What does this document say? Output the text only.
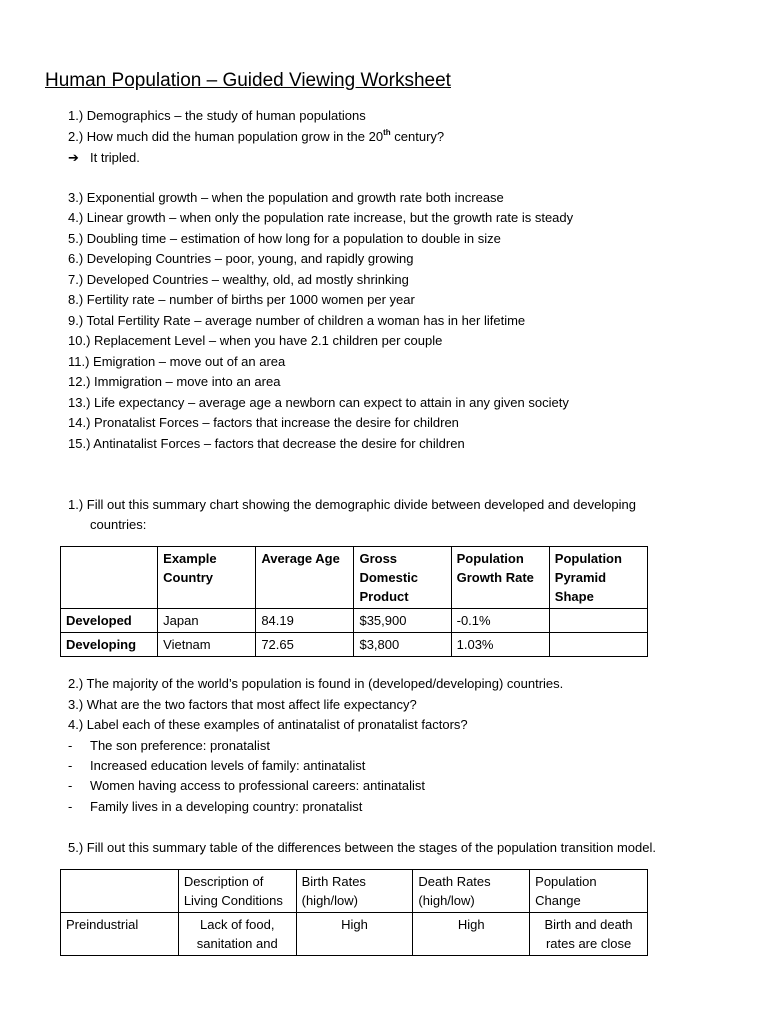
Human Population – Guided Viewing Worksheet
1.) Demographics – the study of human populations
2.) How much did the human population grow in the 20th century?
➔ It tripled.
3.) Exponential growth – when the population and growth rate both increase
4.) Linear growth – when only the population rate increase, but the growth rate is steady
5.) Doubling time – estimation of how long for a population to double in size
6.) Developing Countries – poor, young, and rapidly growing
7.) Developed Countries – wealthy, old, ad mostly shrinking
8.) Fertility rate – number of births per 1000 women per year
9.) Total Fertility Rate – average number of children a woman has in her lifetime
10.) Replacement Level – when you have 2.1 children per couple
11.) Emigration – move out of an area
12.) Immigration – move into an area
13.) Life expectancy – average age a newborn can expect to attain in any given society
14.) Pronatalist Forces – factors that increase the desire for children
15.) Antinatalist Forces – factors that decrease the desire for children
1.) Fill out this summary chart showing the demographic divide between developed and developing
countries:
	Example Country	Average Age	Gross Domestic Product	Population Growth Rate	Population Pyramid Shape
Developed	Japan	84.19	$35,900	-0.1%	
Developing	Vietnam	72.65	$3,800	1.03%	
2.) The majority of the world’s population is found in (developed/developing) countries.
3.) What are the two factors that most affect life expectancy?
4.) Label each of these examples of antinatalist of pronatalist factors?
- The son preference: pronatalist
- Increased education levels of family: antinatalist
- Women having access to professional careers: antinatalist
- Family lives in a developing country: pronatalist
5.) Fill out this summary table of the differences between the stages of the population transition model.
	Description of Living Conditions	Birth Rates (high/low)	Death Rates (high/low)	Population Change
Preindustrial	Lack of food, sanitation and	High	High	Birth and death rates are close
